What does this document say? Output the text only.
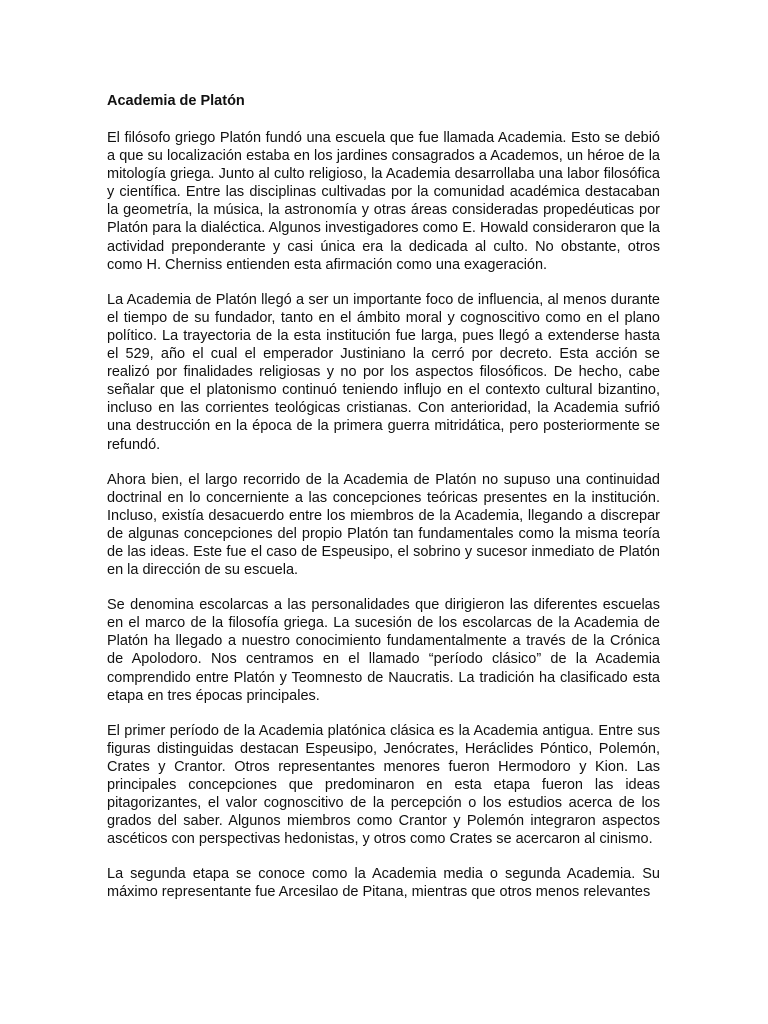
Academia de Platón

El filósofo griego Platón fundó una escuela que fue llamada Academia. Esto se debió a que su localización estaba en los jardines consagrados a Academos, un héroe de la mitología griega. Junto al culto religioso, la Academia desarrollaba una labor filosófica y científica. Entre las disciplinas cultivadas por la comunidad académica destacaban la geometría, la música, la astronomía y otras áreas consideradas propedéuticas por Platón para la dialéctica. Algunos investigadores como E. Howald consideraron que la actividad preponderante y casi única era la dedicada al culto. No obstante, otros como H. Cherniss entienden esta afirmación como una exageración.

La Academia de Platón llegó a ser un importante foco de influencia, al menos durante el tiempo de su fundador, tanto en el ámbito moral y cognoscitivo como en el plano político. La trayectoria de la esta institución fue larga, pues llegó a extenderse hasta el 529, año el cual el emperador Justiniano la cerró por decreto. Esta acción se realizó por finalidades religiosas y no por los aspectos filosóficos. De hecho, cabe señalar que el platonismo continuó teniendo influjo en el contexto cultural bizantino, incluso en las corrientes teológicas cristianas. Con anterioridad, la Academia sufrió una destrucción en la época de la primera guerra mitridática, pero posteriormente se refundó.

Ahora bien, el largo recorrido de la Academia de Platón no supuso una continuidad doctrinal en lo concerniente a las concepciones teóricas presentes en la institución. Incluso, existía desacuerdo entre los miembros de la Academia, llegando a discrepar de algunas concepciones del propio Platón tan fundamentales como la misma teoría de las ideas. Este fue el caso de Espeusipo, el sobrino y sucesor inmediato de Platón en la dirección de su escuela.

Se denomina escolarcas a las personalidades que dirigieron las diferentes escuelas en el marco de la filosofía griega. La sucesión de los escolarcas de la Academia de Platón ha llegado a nuestro conocimiento fundamentalmente a través de la Crónica de Apolodoro. Nos centramos en el llamado “período clásico” de la Academia comprendido entre Platón y Teomnesto de Naucratis. La tradición ha clasificado esta etapa en tres épocas principales.

El primer período de la Academia platónica clásica es la Academia antigua. Entre sus figuras distinguidas destacan Espeusipo, Jenócrates, Heráclides Póntico, Polemón, Crates y Crantor. Otros representantes menores fueron Hermodoro y Kion. Las principales concepciones que predominaron en esta etapa fueron las ideas pitagorizantes, el valor cognoscitivo de la percepción o los estudios acerca de los grados del saber. Algunos miembros como Crantor y Polemón integraron aspectos ascéticos con perspectivas hedonistas, y otros como Crates se acercaron al cinismo.

La segunda etapa se conoce como la Academia media o segunda Academia. Su máximo representante fue Arcesilao de Pitana, mientras que otros menos relevantes
